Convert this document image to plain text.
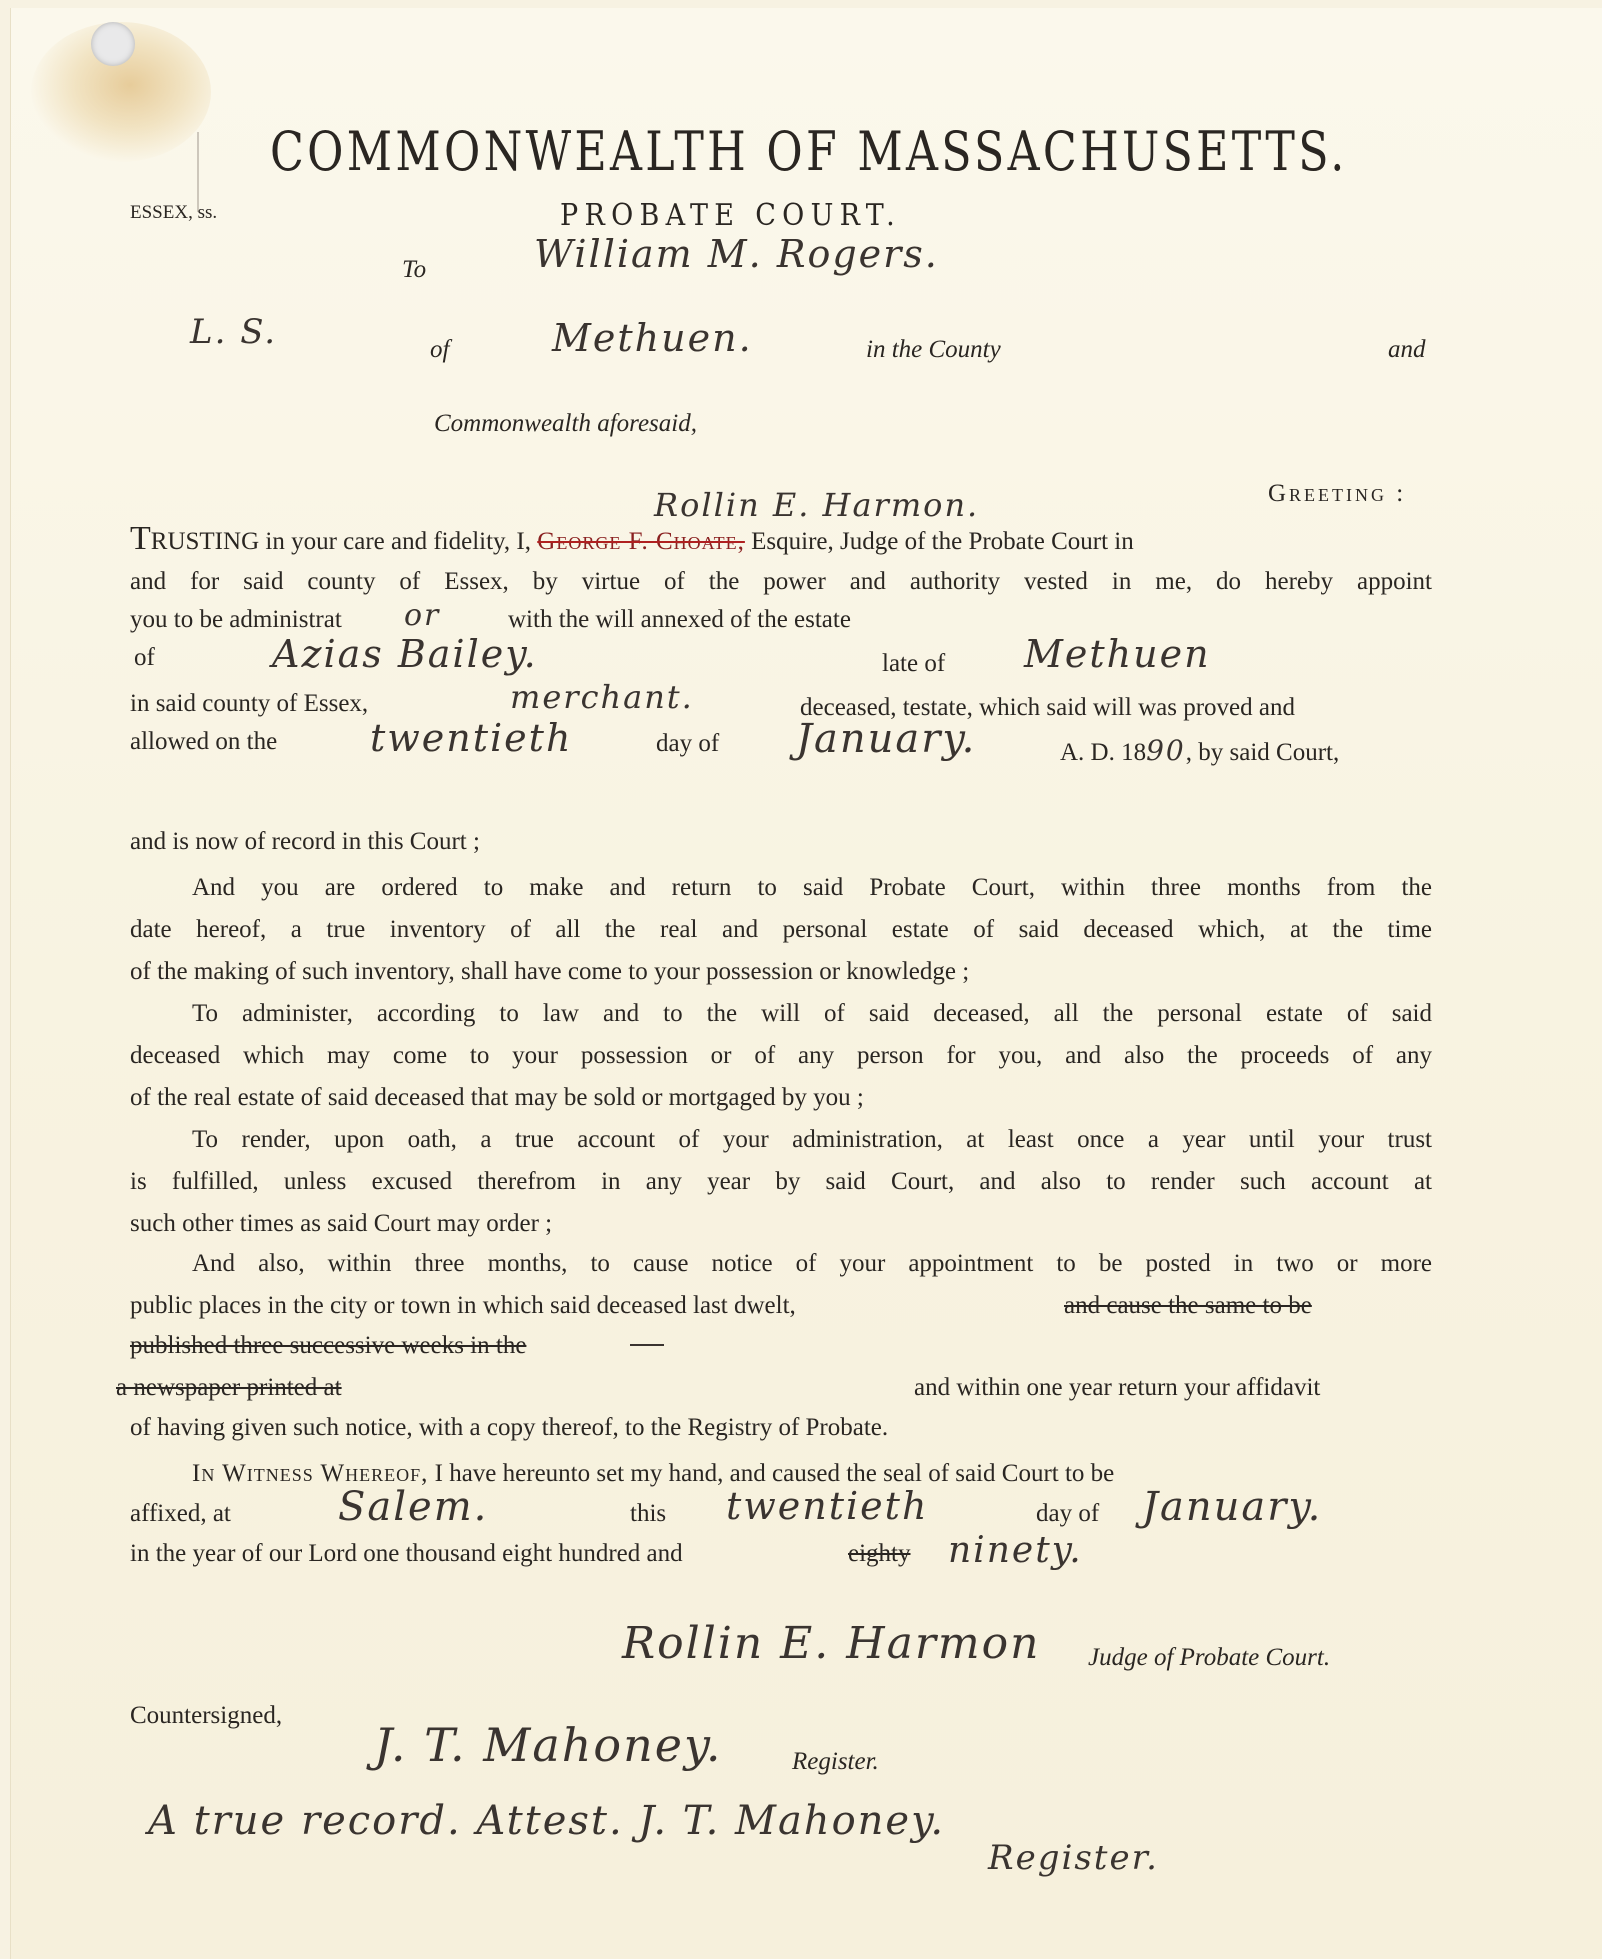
COMMONWEALTH OF MASSACHUSETTS.
ESSEX, ss.	PROBATE COURT.
To	William M. Rogers.
L. S.	of	Methuen.	in the County	and
Commonwealth aforesaid,
Greeting :
Rollin E. Harmon.
TRUSTING in your care and fidelity, I, George F. Choate, Esquire, Judge of the Probate Court in
and for said county of Essex, by virtue of the power and authority vested in me, do hereby appoint
you to be administrat or	with the will annexed of the estate
of	Azias Bailey.	late of Methuen
in said county of Essex,	merchant.	deceased, testate, which said will was proved and
allowed on the twentieth	day of January.	A. D. 1890, by said Court,
and is now of record in this Court ;
And you are ordered to make and return to said Probate Court, within three months from the
date hereof, a true inventory of all the real and personal estate of said deceased which, at the time
of the making of such inventory, shall have come to your possession or knowledge ;
To administer, according to law and to the will of said deceased, all the personal estate of said
deceased which may come to your possession or of any person for you, and also the proceeds of any
of the real estate of said deceased that may be sold or mortgaged by you ;
To render, upon oath, a true account of your administration, at least once a year until your trust
is fulfilled, unless excused therefrom in any year by said Court, and also to render such account at
such other times as said Court may order ;
And also, within three months, to cause notice of your appointment to be posted in two or more
public places in the city or town in which said deceased last dwelt,	and cause the same to be
published three successive weeks in the
a newspaper printed at	and within one year return your affidavit
of having given such notice, with a copy thereof, to the Registry of Probate.
In Witness Whereof, I have hereunto set my hand, and caused the seal of said Court to be
affixed, at	Salem.	this twentieth	day of January.
in the year of our Lord one thousand eight hundred and	eighty ninety.
Rollin E. Harmon Judge of Probate Court.
Countersigned,
J. T. Mahoney.	Register.
A true record. Attest. J. T. Mahoney.
Register.
